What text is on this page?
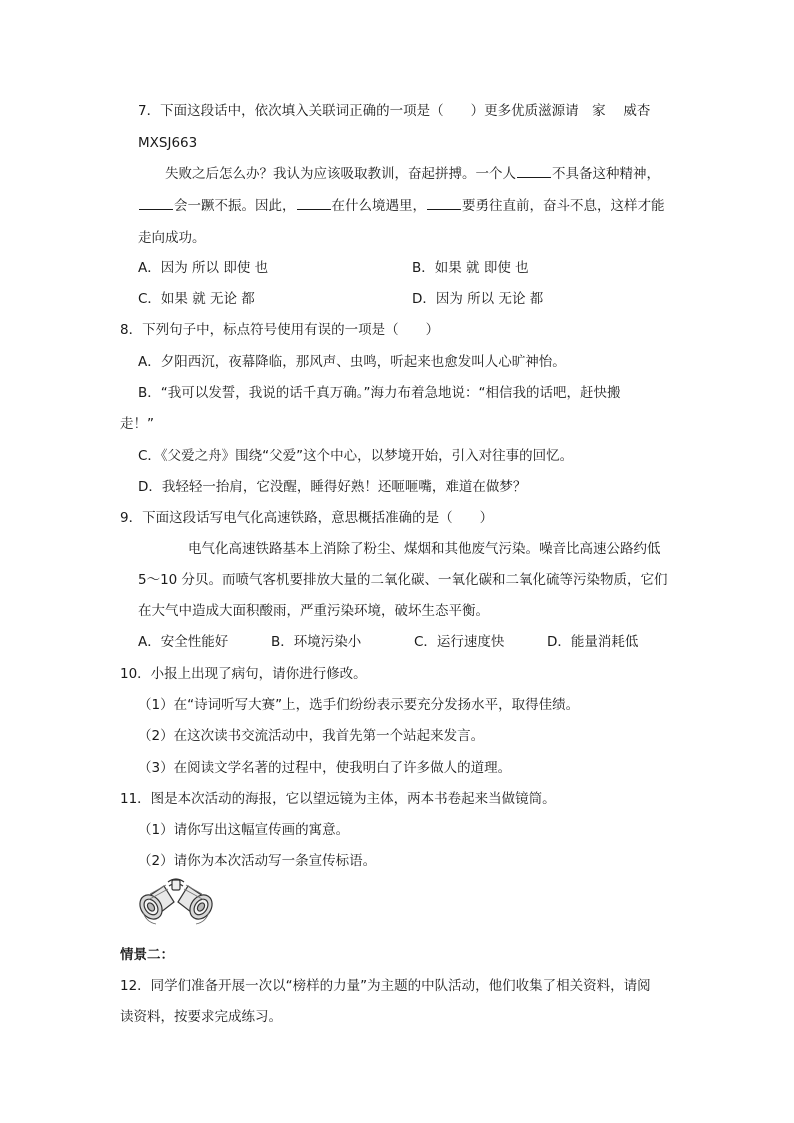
7．下面这段话中，依次填入关联词正确的一项是（　　）更多优质滋源请　家　 威杏
MXSJ663
失败之后怎么办？我认为应该吸取教训，奋起拼搏。一个人	不具备这种精神，
会一蹶不振。因此，	在什么境遇里，	要勇往直前，奋斗不息，这样才能
走向成功。
A．因为 所以 即使 也	B．如果 就 即使 也
C．如果 就 无论 都	D．因为 所以 无论 都
8．下列句子中，标点符号使用有误的一项是（　　）
A．夕阳西沉，夜幕降临，那风声、虫鸣，听起来也愈发叫人心旷神怡。
B．“我可以发誓，我说的话千真万确。”海力布着急地说：“相信我的话吧，赶快搬
走！”
C．《父爱之舟》围绕“父爱”这个中心，以梦境开始，引入对往事的回忆。
D．我轻轻一抬肩，它没醒，睡得好熟！还咂咂嘴，难道在做梦？
9．下面这段话写电气化高速铁路，意思概括准确的是（　　）
电气化高速铁路基本上消除了粉尘、煤烟和其他废气污染。噪音比高速公路约低
5～10 分贝。而喷气客机要排放大量的二氧化碳、一氧化碳和二氧化硫等污染物质，它们
在大气中造成大面积酸雨，严重污染环境，破坏生态平衡。
A．安全性能好	B．环境污染小	C．运行速度快	D．能量消耗低
10．小报上出现了病句，请你进行修改。
（1）在“诗词听写大赛”上，选手们纷纷表示要充分发扬水平，取得佳绩。
（2）在这次读书交流活动中，我首先第一个站起来发言。
（3）在阅读文学名著的过程中，使我明白了许多做人的道理。
11．图是本次活动的海报，它以望远镜为主体，两本书卷起来当做镜筒。
（1）请你写出这幅宣传画的寓意。
（2）请你为本次活动写一条宣传标语。
情景二：
12．同学们准备开展一次以“榜样的力量”为主题的中队活动，他们收集了相关资料，请阅
读资料，按要求完成练习。
